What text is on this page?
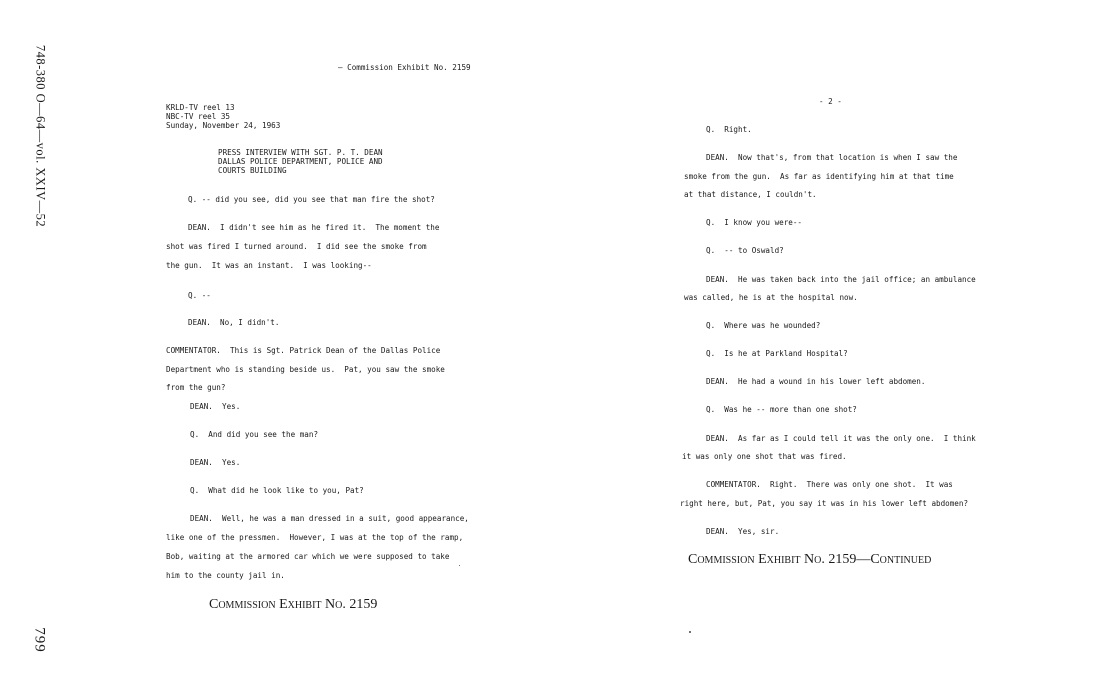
748-380 O—64—vol. XXIV—52
799
— Commission Exhibit No. 2159
KRLD-TV reel 13
NBC-TV reel 35
Sunday, November 24, 1963
PRESS INTERVIEW WITH SGT. P. T. DEAN
DALLAS POLICE DEPARTMENT, POLICE AND
COURTS BUILDING
Q. -- did you see, did you see that man fire the shot?
DEAN.  I didn't see him as he fired it.  The moment the
shot was fired I turned around.  I did see the smoke from
the gun.  It was an instant.  I was looking--
Q. --
DEAN.  No, I didn't.
COMMENTATOR.  This is Sgt. Patrick Dean of the Dallas Police
Department who is standing beside us.  Pat, you saw the smoke
from the gun?
DEAN.  Yes.
Q.  And did you see the man?
DEAN.  Yes.
Q.  What did he look like to you, Pat?
DEAN.  Well, he was a man dressed in a suit, good appearance,
like one of the pressmen.  However, I was at the top of the ramp,
Bob, waiting at the armored car which we were supposed to take
him to the county jail in.
Commission Exhibit No. 2159
- 2 -
Q.  Right.
DEAN.  Now that's, from that location is when I saw the
smoke from the gun.  As far as identifying him at that time
at that distance, I couldn't.
Q.  I know you were--
Q.  -- to Oswald?
DEAN.  He was taken back into the jail office; an ambulance
was called, he is at the hospital now.
Q.  Where was he wounded?
Q.  Is he at Parkland Hospital?
DEAN.  He had a wound in his lower left abdomen.
Q.  Was he -- more than one shot?
DEAN.  As far as I could tell it was the only one.  I think
it was only one shot that was fired.
COMMENTATOR.  Right.  There was only one shot.  It was
right here, but, Pat, you say it was in his lower left abdomen?
DEAN.  Yes, sir.
Commission Exhibit No. 2159—Continued
